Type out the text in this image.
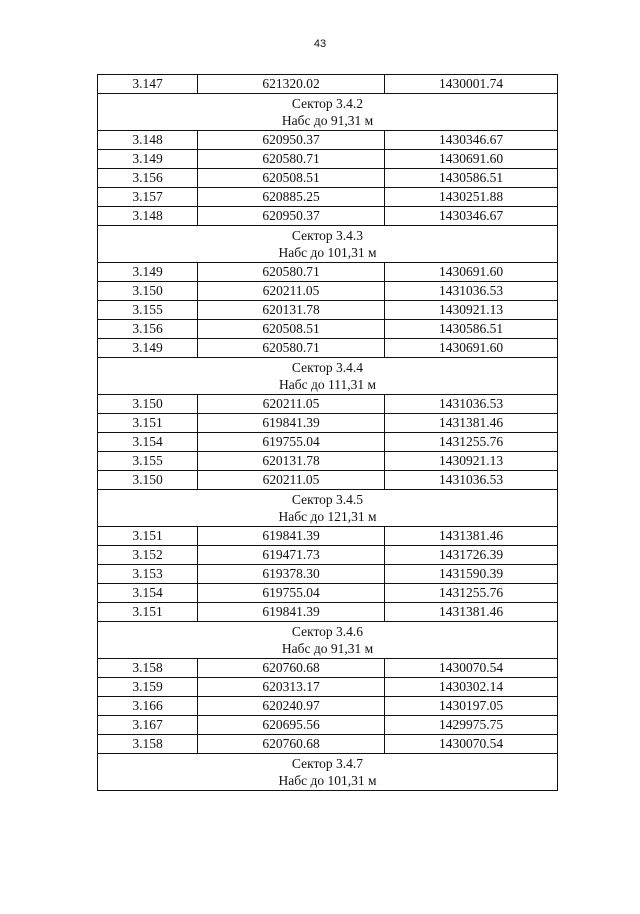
43
3.147	621320.02	1430001.74

Сектор 3.4.2
Набс до 91,31 м		

3.148	620950.37	1430346.67
3.149	620580.71	1430691.60
3.156	620508.51	1430586.51
3.157	620885.25	1430251.88
3.148	620950.37	1430346.67

Сектор 3.4.3
Набс до 101,31 м		

3.149	620580.71	1430691.60
3.150	620211.05	1431036.53
3.155	620131.78	1430921.13
3.156	620508.51	1430586.51
3.149	620580.71	1430691.60

Сектор 3.4.4
Набс до 111,31 м		

3.150	620211.05	1431036.53
3.151	619841.39	1431381.46
3.154	619755.04	1431255.76
3.155	620131.78	1430921.13
3.150	620211.05	1431036.53

Сектор 3.4.5
Набс до 121,31 м		

3.151	619841.39	1431381.46
3.152	619471.73	1431726.39
3.153	619378.30	1431590.39
3.154	619755.04	1431255.76
3.151	619841.39	1431381.46

Сектор 3.4.6
Набс до 91,31 м		

3.158	620760.68	1430070.54
3.159	620313.17	1430302.14
3.166	620240.97	1430197.05
3.167	620695.56	1429975.75
3.158	620760.68	1430070.54

Сектор 3.4.7
Набс до 101,31 м		
